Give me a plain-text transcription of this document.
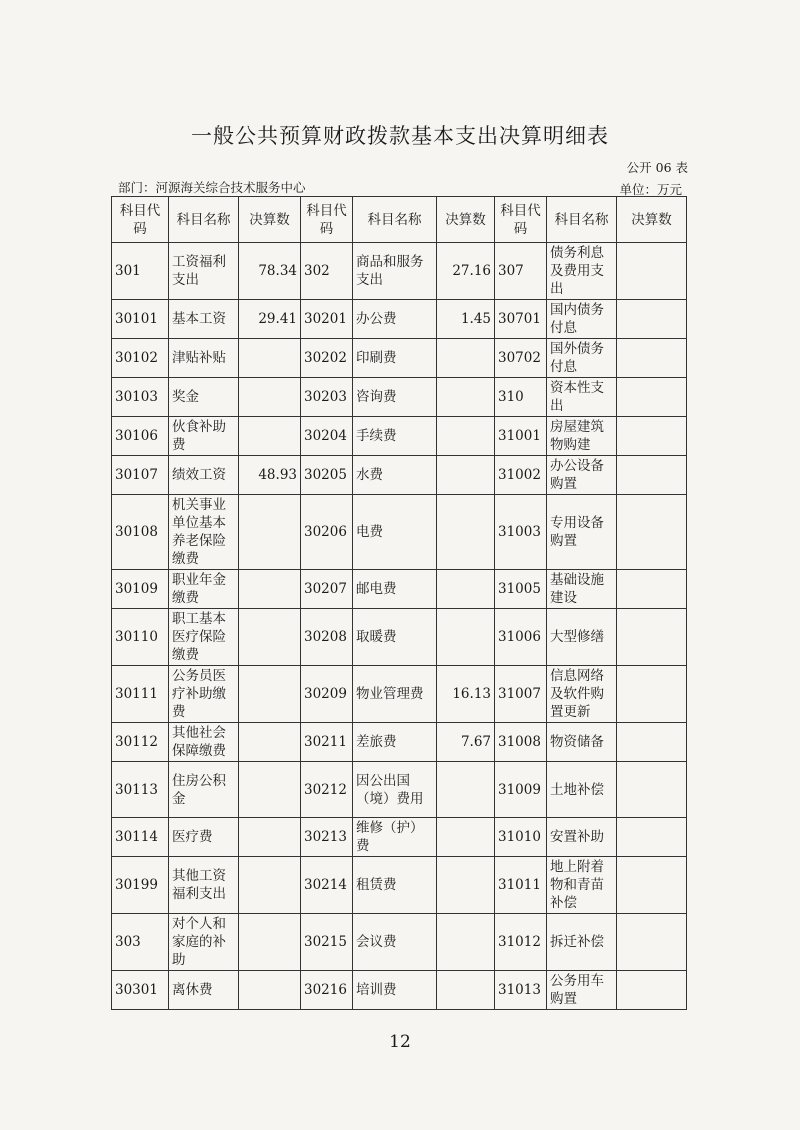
一般公共预算财政拨款基本支出决算明细表
公开 06 表
部门：河源海关综合技术服务中心	单位：万元
科目代码	科目名称	决算数	科目代码	科目名称	决算数	科目代码	科目名称	决算数
301	工资福利支出	78.34	302	商品和服务支出	27.16	307	债务利息及费用支出	
30101	基本工资	29.41	30201	办公费	1.45	30701	国内债务付息	
30102	津贴补贴		30202	印刷费		30702	国外债务付息	
30103	奖金		30203	咨询费		310	资本性支出	
30106	伙食补助费		30204	手续费		31001	房屋建筑物购建	
30107	绩效工资	48.93	30205	水费		31002	办公设备购置	
30108	机关事业单位基本养老保险缴费		30206	电费		31003	专用设备购置	
30109	职业年金缴费		30207	邮电费		31005	基础设施建设	
30110	职工基本医疗保险缴费		30208	取暖费		31006	大型修缮	
30111	公务员医疗补助缴费		30209	物业管理费	16.13	31007	信息网络及软件购置更新	
30112	其他社会保障缴费		30211	差旅费	7.67	31008	物资储备	
30113	住房公积金		30212	因公出国（境）费用		31009	土地补偿	
30114	医疗费		30213	维修（护）费		31010	安置补助	
30199	其他工资福利支出		30214	租赁费		31011	地上附着物和青苗补偿	
303	对个人和家庭的补助		30215	会议费		31012	拆迁补偿	
30301	离休费		30216	培训费		31013	公务用车购置	
12
